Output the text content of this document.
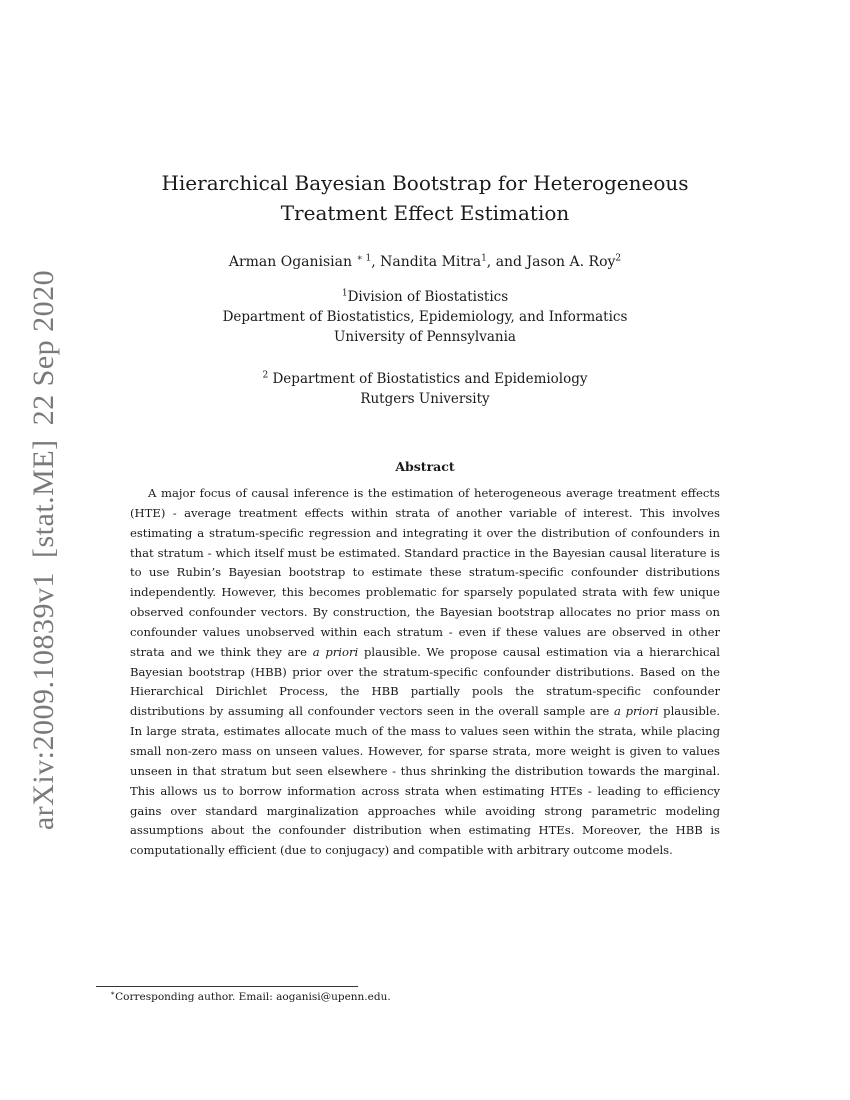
arXiv:2009.10839v1
[stat.ME]
22 Sep 2020
Hierarchical Bayesian Bootstrap for Heterogeneous Treatment Effect Estimation
Arman Oganisian $^{∗ 1}$, Nandita Mitra$^1$, and Jason A. Roy$^2$
$^1$Division of Biostatistics
Department of Biostatistics, Epidemiology, and Informatics
University of Pennsylvania
$^2$ Department of Biostatistics and Epidemiology
Rutgers University
Abstract

A major focus of causal inference is the estimation of heterogeneous average treatment effects (HTE) - average treatment effects within strata of another variable of interest. This involves estimating a stratum-specific regression and integrating it over the distribution of confounders in that stratum - which itself must be estimated. Standard practice in the Bayesian causal literature is to use Rubin’s Bayesian bootstrap to estimate these stratum-specific confounder distributions independently. However, this becomes problematic for sparsely populated strata with few unique observed confounder vectors. By construction, the Bayesian bootstrap allocates no prior mass on confounder values unobserved within each stratum - even if these values are observed in other strata and we think they are a priori plausible. We propose causal estimation via a hierarchical Bayesian bootstrap (HBB) prior over the stratum-specific confounder distributions. Based on the Hierarchical Dirichlet Process, the HBB partially pools the stratum-specific confounder distributions by assuming all confounder vectors seen in the overall sample are a priori plausible. In large strata, estimates allocate much of the mass to values seen within the strata, while placing small non-zero mass on unseen values. However, for sparse strata, more weight is given to values unseen in that stratum but seen elsewhere - thus shrinking the distribution towards the marginal. This allows us to borrow information across strata when estimating HTEs - leading to efficiency gains over standard marginalization approaches while avoiding strong parametric modeling assumptions about the confounder distribution when estimating HTEs. Moreover, the HBB is computationally efficient (due to conjugacy) and compatible with arbitrary outcome models.

∗Corresponding author. Email: aoganisi@upenn.edu.
